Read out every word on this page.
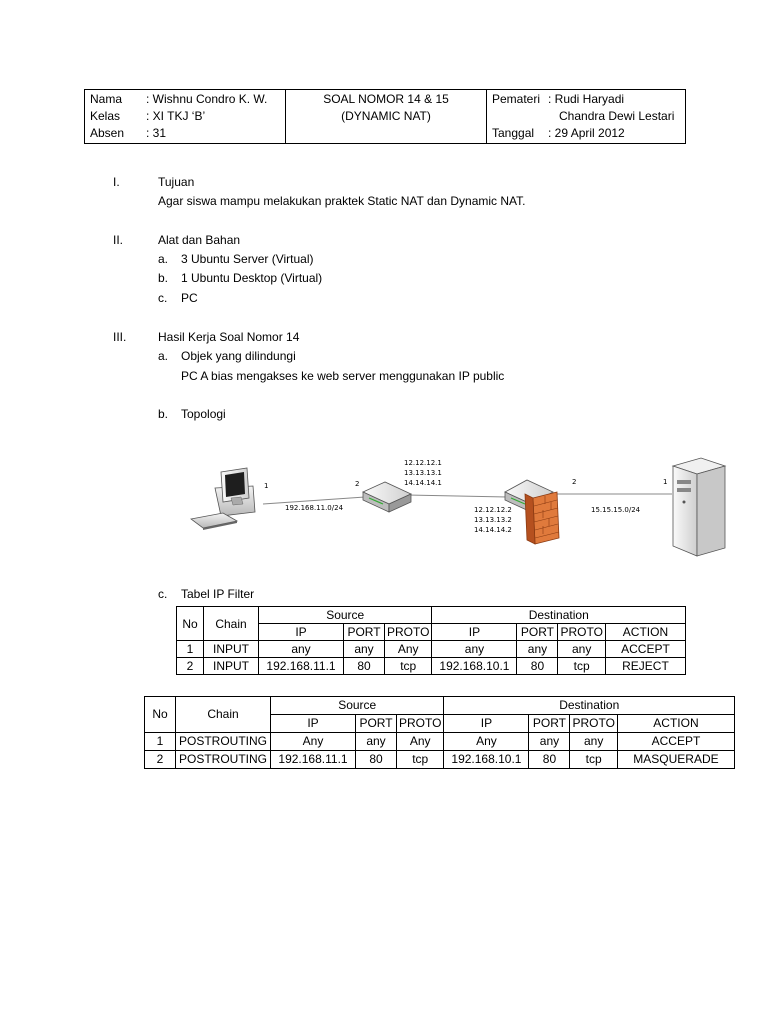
Nama	: Wishnu Condro K. W.
Kelas	: XI TKJ ‘B’
Absen	: 31

SOAL NOMOR 14 & 15
(DYNAMIC NAT)

Pemateri : Rudi Haryadi
Chandra Dewi Lestari
Tanggal	: 29 April 2012
I.	Tujuan
Agar siswa mampu melakukan praktek Static NAT dan Dynamic NAT.
II.	Alat dan Bahan
a. 3 Ubuntu Server (Virtual)
b. 1 Ubuntu Desktop (Virtual)
c. PC
III.	Hasil Kerja Soal Nomor 14
a. Objek yang dilindungi
PC A bias mengakses ke web server menggunakan IP public
b. Topologi
1	2
192.168.11.0/24
12.12.12.1
13.13.13.1
14.14.14.1
12.12.12.2
13.13.13.2
14.14.14.2
2	1
15.15.15.0/24
c. Tabel IP Filter
No	Chain	Source			Destination			
		IP	PORT	PROTO	IP	PORT	PROTO	ACTION
1	INPUT	any	any	Any	any	any	any	ACCEPT
2	INPUT	192.168.11.1	80	tcp	192.168.10.1	80	tcp	REJECT
No	Chain	Source			Destination			
		IP	PORT	PROTO	IP	PORT	PROTO	ACTION
1	POSTROUTING	Any	any	Any	Any	any	any	ACCEPT
2	POSTROUTING	192.168.11.1	80	tcp	192.168.10.1	80	tcp	MASQUERADE
